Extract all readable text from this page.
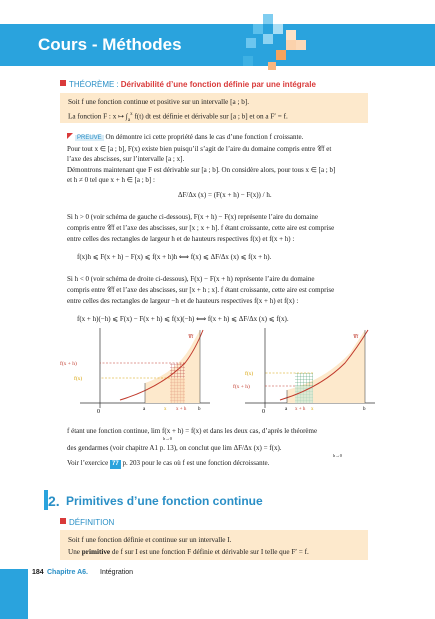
Cours - Méthodes
THÉORÈME : Dérivabilité d’une fonction définie par une intégrale
Soit f une fonction continue et positive sur un intervalle [a ; b].
La fonction F : x ↦ $\int_a^x$ f(t) dt est définie et dérivable sur [a ; b] et on a F′ = f.
PREUVE On démontre ici cette propriété dans le cas d’une fonction f croissante.
Pour tout x ∈ [a ; b], F(x) existe bien puisqu’il s’agit de l’aire du domaine compris entre 𝒞f et
l’axe des abscisses, sur l’intervalle [a ; x].
Démontrons maintenant que F est dérivable sur [a ; b]. On considère alors, pour tous x ∈ [a ; b]
et h ≠ 0 tel que x + h ∈ [a ; b] :
ΔF/Δx (x) = (F(x + h) − F(x)) / h.
Si h > 0 (voir schéma de gauche ci-dessous), F(x + h) − F(x) représente l’aire du domaine
compris entre 𝒞f et l’axe des abscisses, sur [x ; x + h]. f étant croissante, cette aire est comprise
entre celles des rectangles de largeur h et de hauteurs respectives f(x) et f(x + h) :
f(x)h ⩽ F(x + h) − F(x) ⩽ f(x + h)h ⟺ f(x) ⩽ ΔF/Δx (x) ⩽ f(x + h).
Si h < 0 (voir schéma de droite ci-dessous), F(x) − F(x + h) représente l’aire du domaine
compris entre 𝒞f et l’axe des abscisses, sur [x + h ; x]. f étant croissante, cette aire est comprise
entre celles des rectangles de largeur −h et de hauteurs respectives f(x + h) et f(x) :
f(x + h)(−h) ⩽ F(x) − F(x + h) ⩽ f(x)(−h) ⟺ f(x + h) ⩽ ΔF/Δx (x) ⩽ f(x).
𝒞f
f(x + h)
f(x)
0	a	x x + h b
𝒞f
f(x)
f(x + h)
0	a x + h x	b
f étant une fonction continue, lim f(x + h) = f(x) et dans les deux cas, d’après le théorème
h→0
des gendarmes (voir chapitre A1 p. 13), on conclut que lim ΔF/Δx (x) = f(x).
h→0
Voir l’exercice 77 p. 203 pour le cas où f est une fonction décroissante.
2. Primitives d’une fonction continue
DÉFINITION
Soit f une fonction définie et continue sur un intervalle I.
Une primitive de f sur I est une fonction F définie et dérivable sur I telle que F′ = f.
184 Chapitre A6. Intégration
